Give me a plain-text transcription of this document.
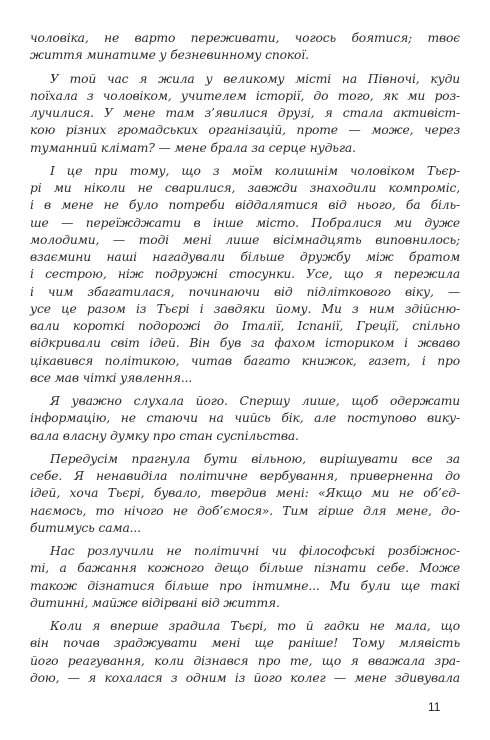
чоловіка, не варто переживати, чогось боятися; твоє
життя минатиме у безневинному спокої.

У той час я жила у великому місті на Півночі, куди
поїхала з чоловіком, учителем історії, до того, як ми роз-
лучилися. У мене там з’явилися друзі, я стала активіст-
кою різних громадських організацій, проте — може, через
туманний клімат? — мене брала за серце нудьга.

І це при тому, що з моїм колишнім чоловіком Тьєр-
рі ми ніколи не сварилися, завжди знаходили компроміс,
і в мене не було потреби віддалятися від нього, ба біль-
ше — переїжджати в інше місто. Побралися ми дуже
молодими, — тоді мені лише вісімнадцять виповнилось;
взаємини наші нагадували більше дружбу між братом
і сестрою, ніж подружні стосунки. Усе, що я пережила
і чим збагатилася, починаючи від підліткового віку, —
усе це разом із Тьєрі і завдяки йому. Ми з ним здійсню-
вали короткі подорожі до Італії, Іспанії, Греції, спільно
відкривали світ ідей. Він був за фахом істориком і жваво
цікавився політикою, читав багато книжок, газет, і про
все мав чіткі уявлення...

Я уважно слухала його. Спершу лише, щоб одержати
інформацію, не стаючи на чийсь бік, але поступово вику-
вала власну думку про стан суспільства.

Передусім прагнула бути вільною, вирішувати все за
себе. Я ненавиділа політичне вербування, приверненна до
ідей, хоча Тьєрі, бувало, твердив мені: «Якщо ми не об’єд-
наємось, то нічого не доб’ємося». Тим гірше для мене, до-
битимусь сама...

Нас розлучили не політичні чи філософські розбіжнос-
ті, а бажання кожного дещо більше пізнати себе. Може
також дізнатися більше про інтимне... Ми були ще такі
дитинні, майже відірвані від життя.

Коли я вперше зрадила Тьєрі, то й гадки не мала, що
він почав зраджувати мені ще раніше! Тому млявість
його реагування, коли дізнався про те, що я вважала зра-
дою, — я кохалася з одним із його колег — мене здивувала

11
